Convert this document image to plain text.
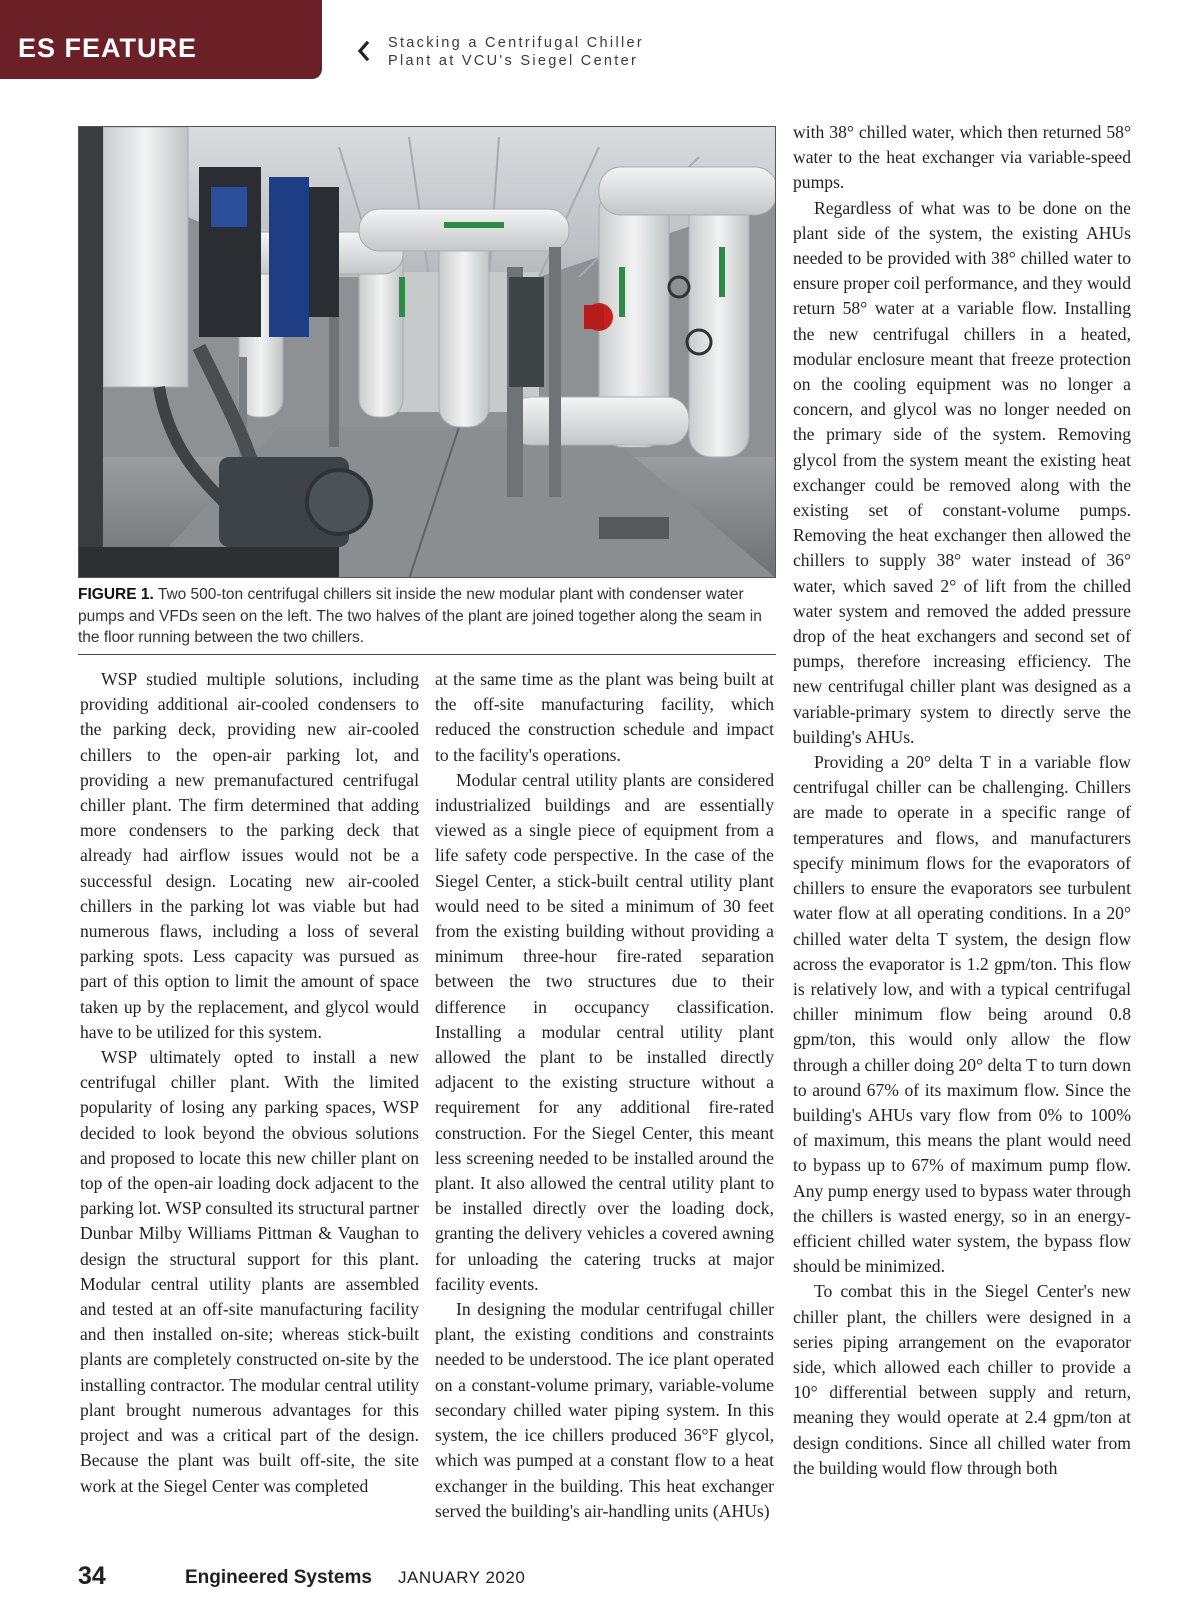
ES FEATURE	Stacking a Centrifugal Chiller
Plant at VCU's Siegel Center
FIGURE 1. Two 500-ton centrifugal chillers sit inside the new modular plant with condenser water pumps and VFDs seen on the left. The two halves of the plant are joined together along the seam in the floor running between the two chillers.

WSP studied multiple solutions, including providing additional air-cooled condensers to the parking deck, providing new air-cooled chillers to the open-air parking lot, and providing a new premanufactured centrifugal chiller plant. The firm determined that adding more condensers to the parking deck that already had airflow issues would not be a successful design. Locating new air-cooled chillers in the parking lot was viable but had numerous flaws, including a loss of several parking spots. Less capacity was pursued as part of this option to limit the amount of space taken up by the replacement, and glycol would have to be utilized for this system.

WSP ultimately opted to install a new centrifugal chiller plant. With the limited popularity of losing any parking spaces, WSP decided to look beyond the obvious solutions and proposed to locate this new chiller plant on top of the open-air loading dock adjacent to the parking lot. WSP consulted its structural partner Dunbar Milby Williams Pittman & Vaughan to design the structural support for this plant. Modular central utility plants are assembled and tested at an off-site manufacturing facility and then installed on-site; whereas stick-built plants are completely constructed on-site by the installing contractor. The modular central utility plant brought numerous advantages for this project and was a critical part of the design. Because the plant was built off-site, the site work at the Siegel Center was completed

at the same time as the plant was being built at the off-site manufacturing facility, which reduced the construction schedule and impact to the facility's operations.

Modular central utility plants are considered industrialized buildings and are essentially viewed as a single piece of equipment from a life safety code perspective. In the case of the Siegel Center, a stick-built central utility plant would need to be sited a minimum of 30 feet from the existing building without providing a minimum three-hour fire-rated separation between the two structures due to their difference in occupancy classification. Installing a modular central utility plant allowed the plant to be installed directly adjacent to the existing structure without a requirement for any additional fire-rated construction. For the Siegel Center, this meant less screening needed to be installed around the plant. It also allowed the central utility plant to be installed directly over the loading dock, granting the delivery vehicles a covered awning for unloading the catering trucks at major facility events.

In designing the modular centrifugal chiller plant, the existing conditions and constraints needed to be understood. The ice plant operated on a constant-volume primary, variable-volume secondary chilled water piping system. In this system, the ice chillers produced 36°F glycol, which was pumped at a constant flow to a heat exchanger in the building. This heat exchanger served the building's air-handling units (AHUs)

with 38° chilled water, which then returned 58° water to the heat exchanger via variable-speed pumps.

Regardless of what was to be done on the plant side of the system, the existing AHUs needed to be provided with 38° chilled water to ensure proper coil performance, and they would return 58° water at a variable flow. Installing the new centrifugal chillers in a heated, modular enclosure meant that freeze protection on the cooling equipment was no longer a concern, and glycol was no longer needed on the primary side of the system. Removing glycol from the system meant the existing heat exchanger could be removed along with the existing set of constant-volume pumps. Removing the heat exchanger then allowed the chillers to supply 38° water instead of 36° water, which saved 2° of lift from the chilled water system and removed the added pressure drop of the heat exchangers and second set of pumps, therefore increasing efficiency. The new centrifugal chiller plant was designed as a variable-primary system to directly serve the building's AHUs.

Providing a 20° delta T in a variable flow centrifugal chiller can be challenging. Chillers are made to operate in a specific range of temperatures and flows, and manufacturers specify minimum flows for the evaporators of chillers to ensure the evaporators see turbulent water flow at all operating conditions. In a 20° chilled water delta T system, the design flow across the evaporator is 1.2 gpm/ton. This flow is relatively low, and with a typical centrifugal chiller minimum flow being around 0.8 gpm/ton, this would only allow the flow through a chiller doing 20° delta T to turn down to around 67% of its maximum flow. Since the building's AHUs vary flow from 0% to 100% of maximum, this means the plant would need to bypass up to 67% of maximum pump flow. Any pump energy used to bypass water through the chillers is wasted energy, so in an energy-efficient chilled water system, the bypass flow should be minimized.

To combat this in the Siegel Center's new chiller plant, the chillers were designed in a series piping arrangement on the evaporator side, which allowed each chiller to provide a 10° differential between supply and return, meaning they would operate at 2.4 gpm/ton at design conditions. Since all chilled water from the building would flow through both

34	Engineered Systems JANUARY 2020
